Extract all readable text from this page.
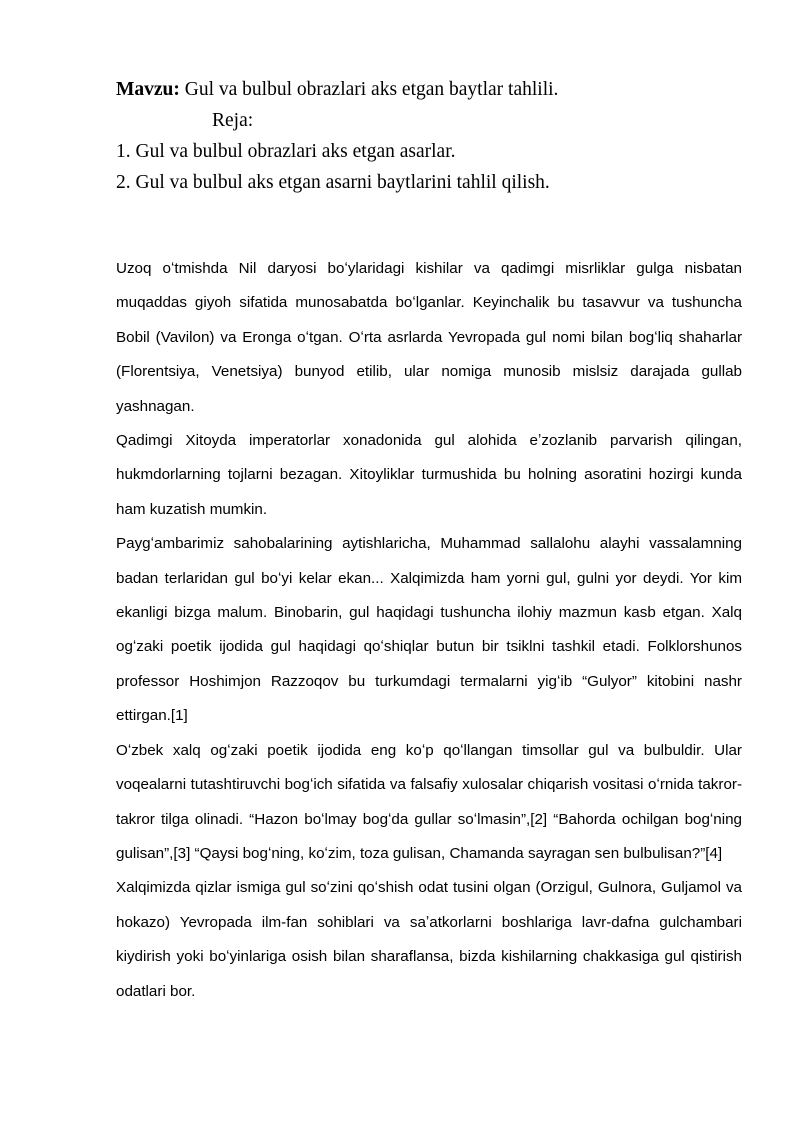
Mavzu: Gul va bulbul obrazlari aks etgan baytlar tahlili.
Reja:
1. Gul va bulbul obrazlari aks etgan asarlar.
2. Gul va bulbul aks etgan asarni baytlarini tahlil qilish.

Uzoq oʻtmishda Nil daryosi boʻylaridagi kishilar va qadimgi misrliklar gulga nisbatan muqaddas giyoh sifatida munosabatda boʻlganlar. Keyinchalik bu tasavvur va tushuncha Bobil (Vavilon) va Eronga oʻtgan. Oʻrta asrlarda Yevropada gul nomi bilan bogʻliq shaharlar (Florentsiya, Venetsiya) bunyod etilib, ular nomiga munosib mislsiz darajada gullab yashnagan.

Qadimgi Xitoyda imperatorlar xonadonida gul alohida eʼzozlanib parvarish qilingan, hukmdorlarning tojlarni bezagan. Xitoyliklar turmushida bu holning asoratini hozirgi kunda ham kuzatish mumkin.

Paygʻambarimiz sahobalarining aytishlaricha, Muhammad sallalohu alayhi vassalamning badan terlaridan gul boʻyi kelar ekan... Xalqimizda ham yorni gul, gulni yor deydi. Yor kim ekanligi bizga malum. Binobarin, gul haqidagi tushuncha ilohiy mazmun kasb etgan. Xalq ogʻzaki poetik ijodida gul haqidagi qoʻshiqlar butun bir tsiklni tashkil etadi. Folklorshunos professor Hoshimjon Razzoqov bu turkumdagi termalarni yigʻib “Gulyor” kitobini nashr ettirgan.[1]

Oʻzbek xalq ogʻzaki poetik ijodida eng koʻp qoʻllangan timsollar gul va bulbuldir. Ular voqealarni tutashtiruvchi bogʻich sifatida va falsafiy xulosalar chiqarish vositasi oʻrnida takror-takror tilga olinadi. “Hazon boʻlmay bogʻda gullar soʻlmasin”,[2] “Bahorda ochilgan bogʻning gulisan”,[3] “Qaysi bogʻning, koʻzim, toza gulisan, Chamanda sayragan sen bulbulisan?”[4]

Xalqimizda qizlar ismiga gul soʻzini qoʻshish odat tusini olgan (Orzigul, Gulnora, Guljamol va hokazo) Yevropada ilm-fan sohiblari va saʼatkorlarni boshlariga lavr-dafna gulchambari kiydirish yoki boʻyinlariga osish bilan sharaflansa, bizda kishilarning chakkasiga gul qistirish odatlari bor.
